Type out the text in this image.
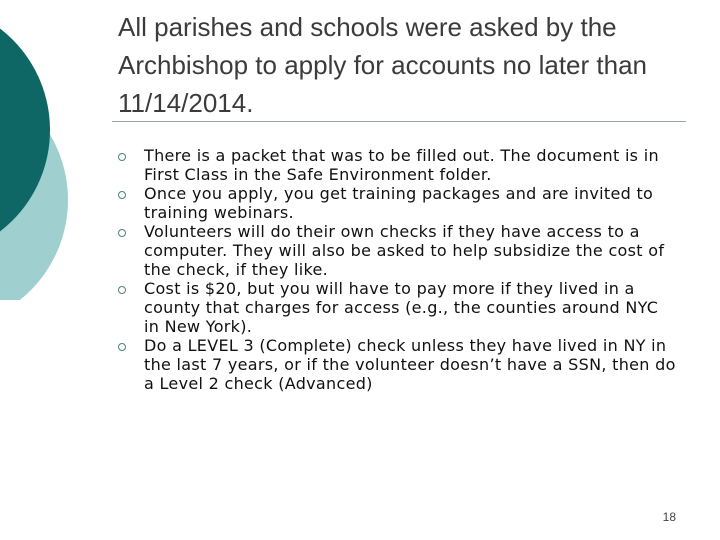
All parishes and schools were asked by the Archbishop to apply for accounts no later than 11/14/2014.
There is a packet that was to be filled out. The document is in First Class in the Safe Environment folder.
Once you apply, you get training packages and are invited to training webinars.
Volunteers will do their own checks if they have access to a computer. They will also be asked to help subsidize the cost of the check, if they like.
Cost is $20, but you will have to pay more if they lived in a county that charges for access (e.g., the counties around NYC in New York).
Do a LEVEL 3 (Complete) check unless they have lived in NY in the last 7 years, or if the volunteer doesn’t have a SSN, then do a Level 2 check (Advanced)
18
